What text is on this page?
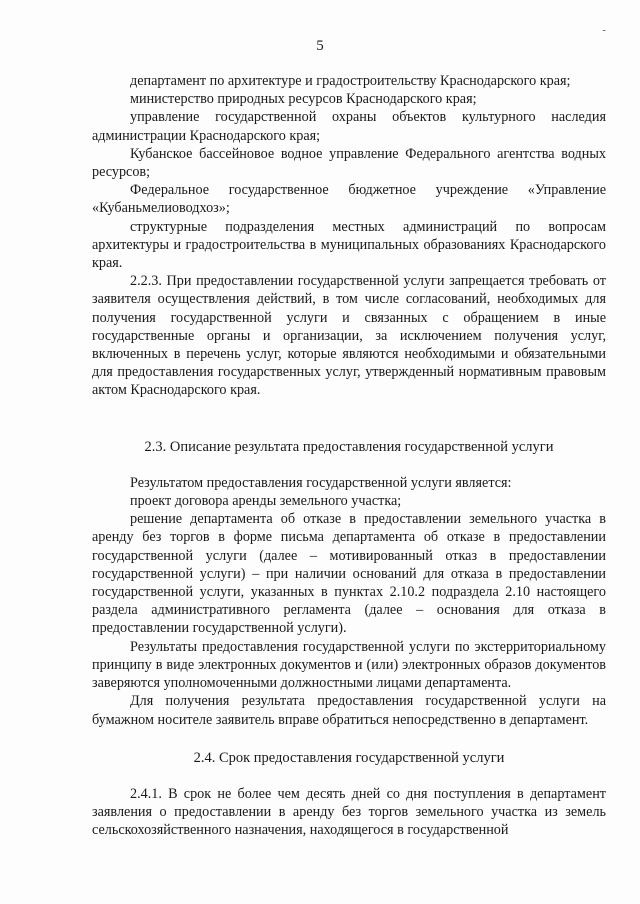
-
5

департамент по архитектуре и градостроительству Краснодарского края;

министерство природных ресурсов Краснодарского края;

управление государственной охраны объектов культурного наследия администрации Краснодарского края;

Кубанское бассейновое водное управление Федерального агентства водных ресурсов;

Федеральное государственное бюджетное учреждение «Управление «Кубаньмелиоводхоз»;

структурные подразделения местных администраций по вопросам архитектуры и градостроительства в муниципальных образованиях Краснодарского края.

2.2.3. При предоставлении государственной услуги запрещается требовать от заявителя осуществления действий, в том числе согласований, необходимых для получения государственной услуги и связанных с обращением в иные государственные органы и организации, за исключением получения услуг, включенных в перечень услуг, которые являются необходимыми и обязательными для предоставления государственных услуг, утвержденный нормативным правовым актом Краснодарского края.

2.3. Описание результата предоставления государственной услуги

Результатом предоставления государственной услуги является:

проект договора аренды земельного участка;

решение департамента об отказе в предоставлении земельного участка в аренду без торгов в форме письма департамента об отказе в предоставлении государственной услуги (далее – мотивированный отказ в предоставлении государственной услуги) – при наличии оснований для отказа в предоставлении государственной услуги, указанных в пунктах 2.10.2 подраздела 2.10 настоящего раздела административного регламента (далее – основания для отказа в предоставлении государственной услуги).

Результаты предоставления государственной услуги по экстерриториальному принципу в виде электронных документов и (или) электронных образов документов заверяются уполномоченными должностными лицами департамента.

Для получения результата предоставления государственной услуги на бумажном носителе заявитель вправе обратиться непосредственно в департамент.

2.4. Срок предоставления государственной услуги

2.4.1. В срок не более чем десять дней со дня поступления в департамент заявления о предоставлении в аренду без торгов земельного участка из земель сельскохозяйственного назначения, находящегося в государственной
